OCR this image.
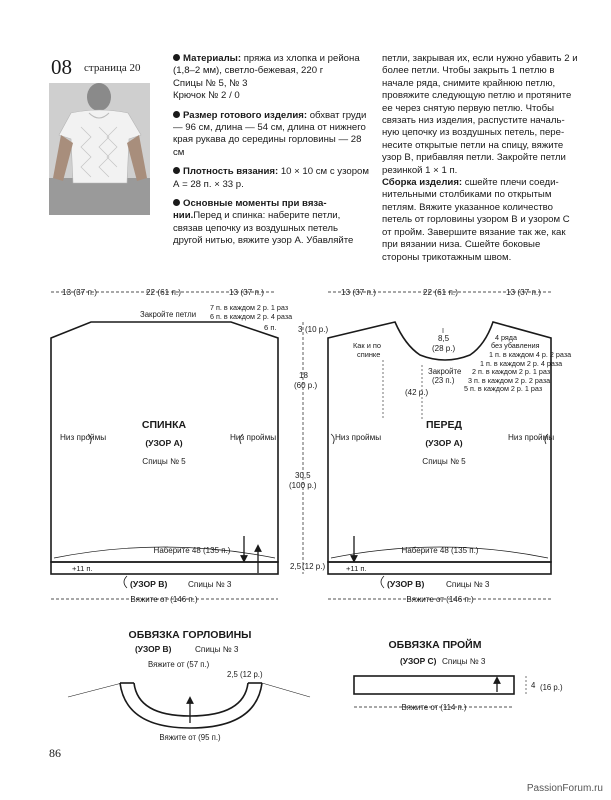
08 страница 20

Материалы: пряжа из хлопка и рейона (1,8–2 мм), светло-бежевая, 220 г
Спицы № 5, № 3
Крючок № 2 / 0

Размер готового изделия: обхват груди — 96 см, длина — 54 см, длина от нижнего края рукава до середины горловины — 28 см

Плотность вязания: 10 × 10 см с узором А = 28 п. × 33 р.

Основные моменты при вязании.Перед и спинка: наберите петли, связав цепочку из воздушных петель другой нитью, вяжите узор А. Убавляйте

петли, закрывая их, если нужно убавить 2 и более петли. Чтобы закрыть 1 петлю в начале ряда, снимите крайнюю петлю, провяжите следующую петлю и протяните ее через снятую первую петлю. Чтобы связать низ изделия, распустите начальную цепочку из воздушных петель, перенесите открытые петли на спицу, вяжите узор В, прибавляя петли. Закройте петли резинкой 1 × 1 п.

Сборка изделия: сшейте плечи соединительными столбиками по открытым петлям. Вяжите указанное количество петель от горловины узором В и узором С от пройм. Завершите вязание так же, как при вязании низа. Сшейте боковые стороны трикотажным швом.

13 (37 п.)	22 (61 п.)	13 (37 п.)
Закройте петли
7 п. в каждом 2 р. 1 раз
6 п. в каждом 2 р. 4 раза
6 п.
Низ проймы	Низ проймы
СПИНКА
(УЗОР А)
Спицы № 5
Наберите 48 (135 п.)
+11 п.
(УЗОР В)	Спицы № 3
Вяжите от (146 п.)
3 (10 р.)
18
(60 р.)
30,5
(100 р.)
2,5 (12 р.)
13 (37 п.)	22 (61 п.)	13 (37 п.)
Как и по
спинке
8,5
(28 р.)
Закройте
(23 п.)
(42 р.)
4 ряда
без убавления
1 п. в каждом 4 р. 2 раза
1 п. в каждом 2 р. 4 раза
2 п. в каждом 2 р. 1 раз
3 п. в каждом 2 р. 2 раза
5 п. в каждом 2 р. 1 раз
Низ проймы	Низ проймы
ПЕРЕД
(УЗОР А)
Спицы № 5
Наберите 48 (135 п.)
+11 п.
(УЗОР В)	Спицы № 3
Вяжите от (146 п.)
ОБВЯЗКА ГОРЛОВИНЫ
(УЗОР В)	Спицы № 3
Вяжите от (57 п.)
2,5 (12 р.)
Вяжите от (95 п.)
ОБВЯЗКА ПРОЙМ
(УЗОР С) Спицы № 3
4 (16 р.)
Вяжите от (114 п.)
86
PassionForum.ru
